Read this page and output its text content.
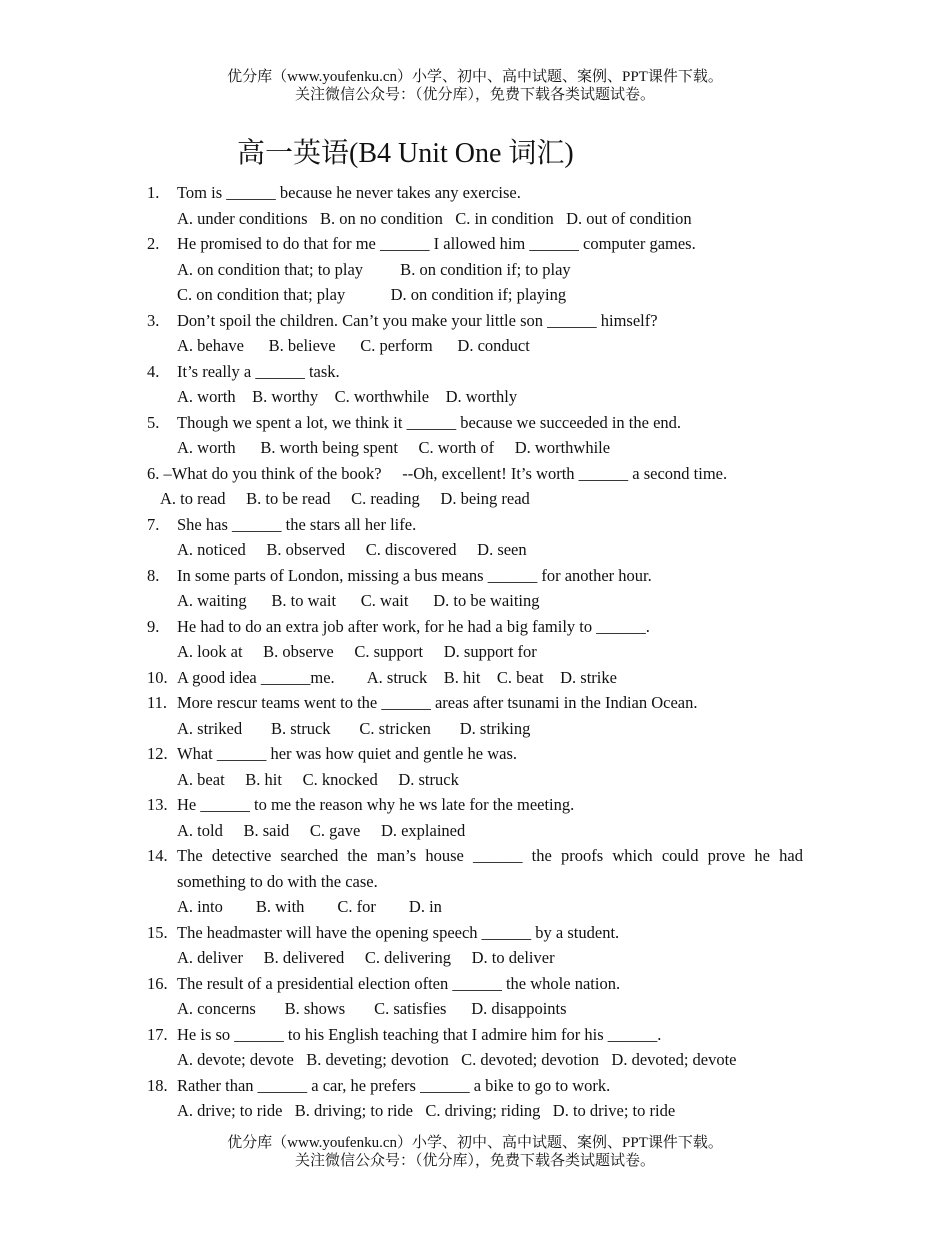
优分库（www.youfenku.cn）小学、初中、高中试题、案例、PPT课件下载。
关注微信公众号：（优分库），免费下载各类试题试卷。
高一英语(B4 Unit One 词汇)
1.	Tom is ______ because he never takes any exercise.
A. under conditions   B. on no condition   C. in condition   D. out of condition
2.	He promised to do that for me ______ I allowed him ______ computer games.
A. on condition that; to play         B. on condition if; to play
C. on condition that; play           D. on condition if; playing
3.	Don’t spoil the children. Can’t you make your little son ______ himself?
A. behave      B. believe      C. perform      D. conduct
4.	It’s really a ______ task.
A. worth    B. worthy    C. worthwhile    D. worthly
5.	Though we spent a lot, we think it ______ because we succeeded in the end.
A. worth      B. worth being spent     C. worth of     D. worthwhile
6. –What do you think of the book?     --Oh, excellent! It’s worth ______ a second time.
A. to read     B. to be read     C. reading     D. being read
7.	She has ______ the stars all her life.
A. noticed     B. observed     C. discovered     D. seen
8.	In some parts of London, missing a bus means ______ for another hour.
A. waiting      B. to wait      C. wait      D. to be waiting
9.	He had to do an extra job after work, for he had a big family to ______.
A. look at     B. observe     C. support     D. support for
10. A good idea ______me.        A. struck    B. hit    C. beat    D. strike
11. More rescur teams went to the ______ areas after tsunami in the Indian Ocean.
A. striked       B. struck       C. stricken       D. striking
12. What ______ her was how quiet and gentle he was.
A. beat     B. hit     C. knocked     D. struck
13. He ______ to me the reason why he ws late for the meeting.
A. told     B. said     C. gave     D. explained
14. The detective searched the man’s house ______ the proofs which could prove he had something to do with the case.
A. into        B. with        C. for        D. in
15. The headmaster will have the opening speech ______ by a student.
A. deliver     B. delivered     C. delivering     D. to deliver
16. The result of a presidential election often ______ the whole nation.
A. concerns       B. shows       C. satisfies      D. disappoints
17. He is so ______ to his English teaching that I admire him for his ______.
A. devote; devote   B. deveting; devotion   C. devoted; devotion   D. devoted; devote
18. Rather than ______ a car, he prefers ______ a bike to go to work.
A. drive; to ride   B. driving; to ride   C. driving; riding   D. to drive; to ride
优分库（www.youfenku.cn）小学、初中、高中试题、案例、PPT课件下载。
关注微信公众号：（优分库），免费下载各类试题试卷。
